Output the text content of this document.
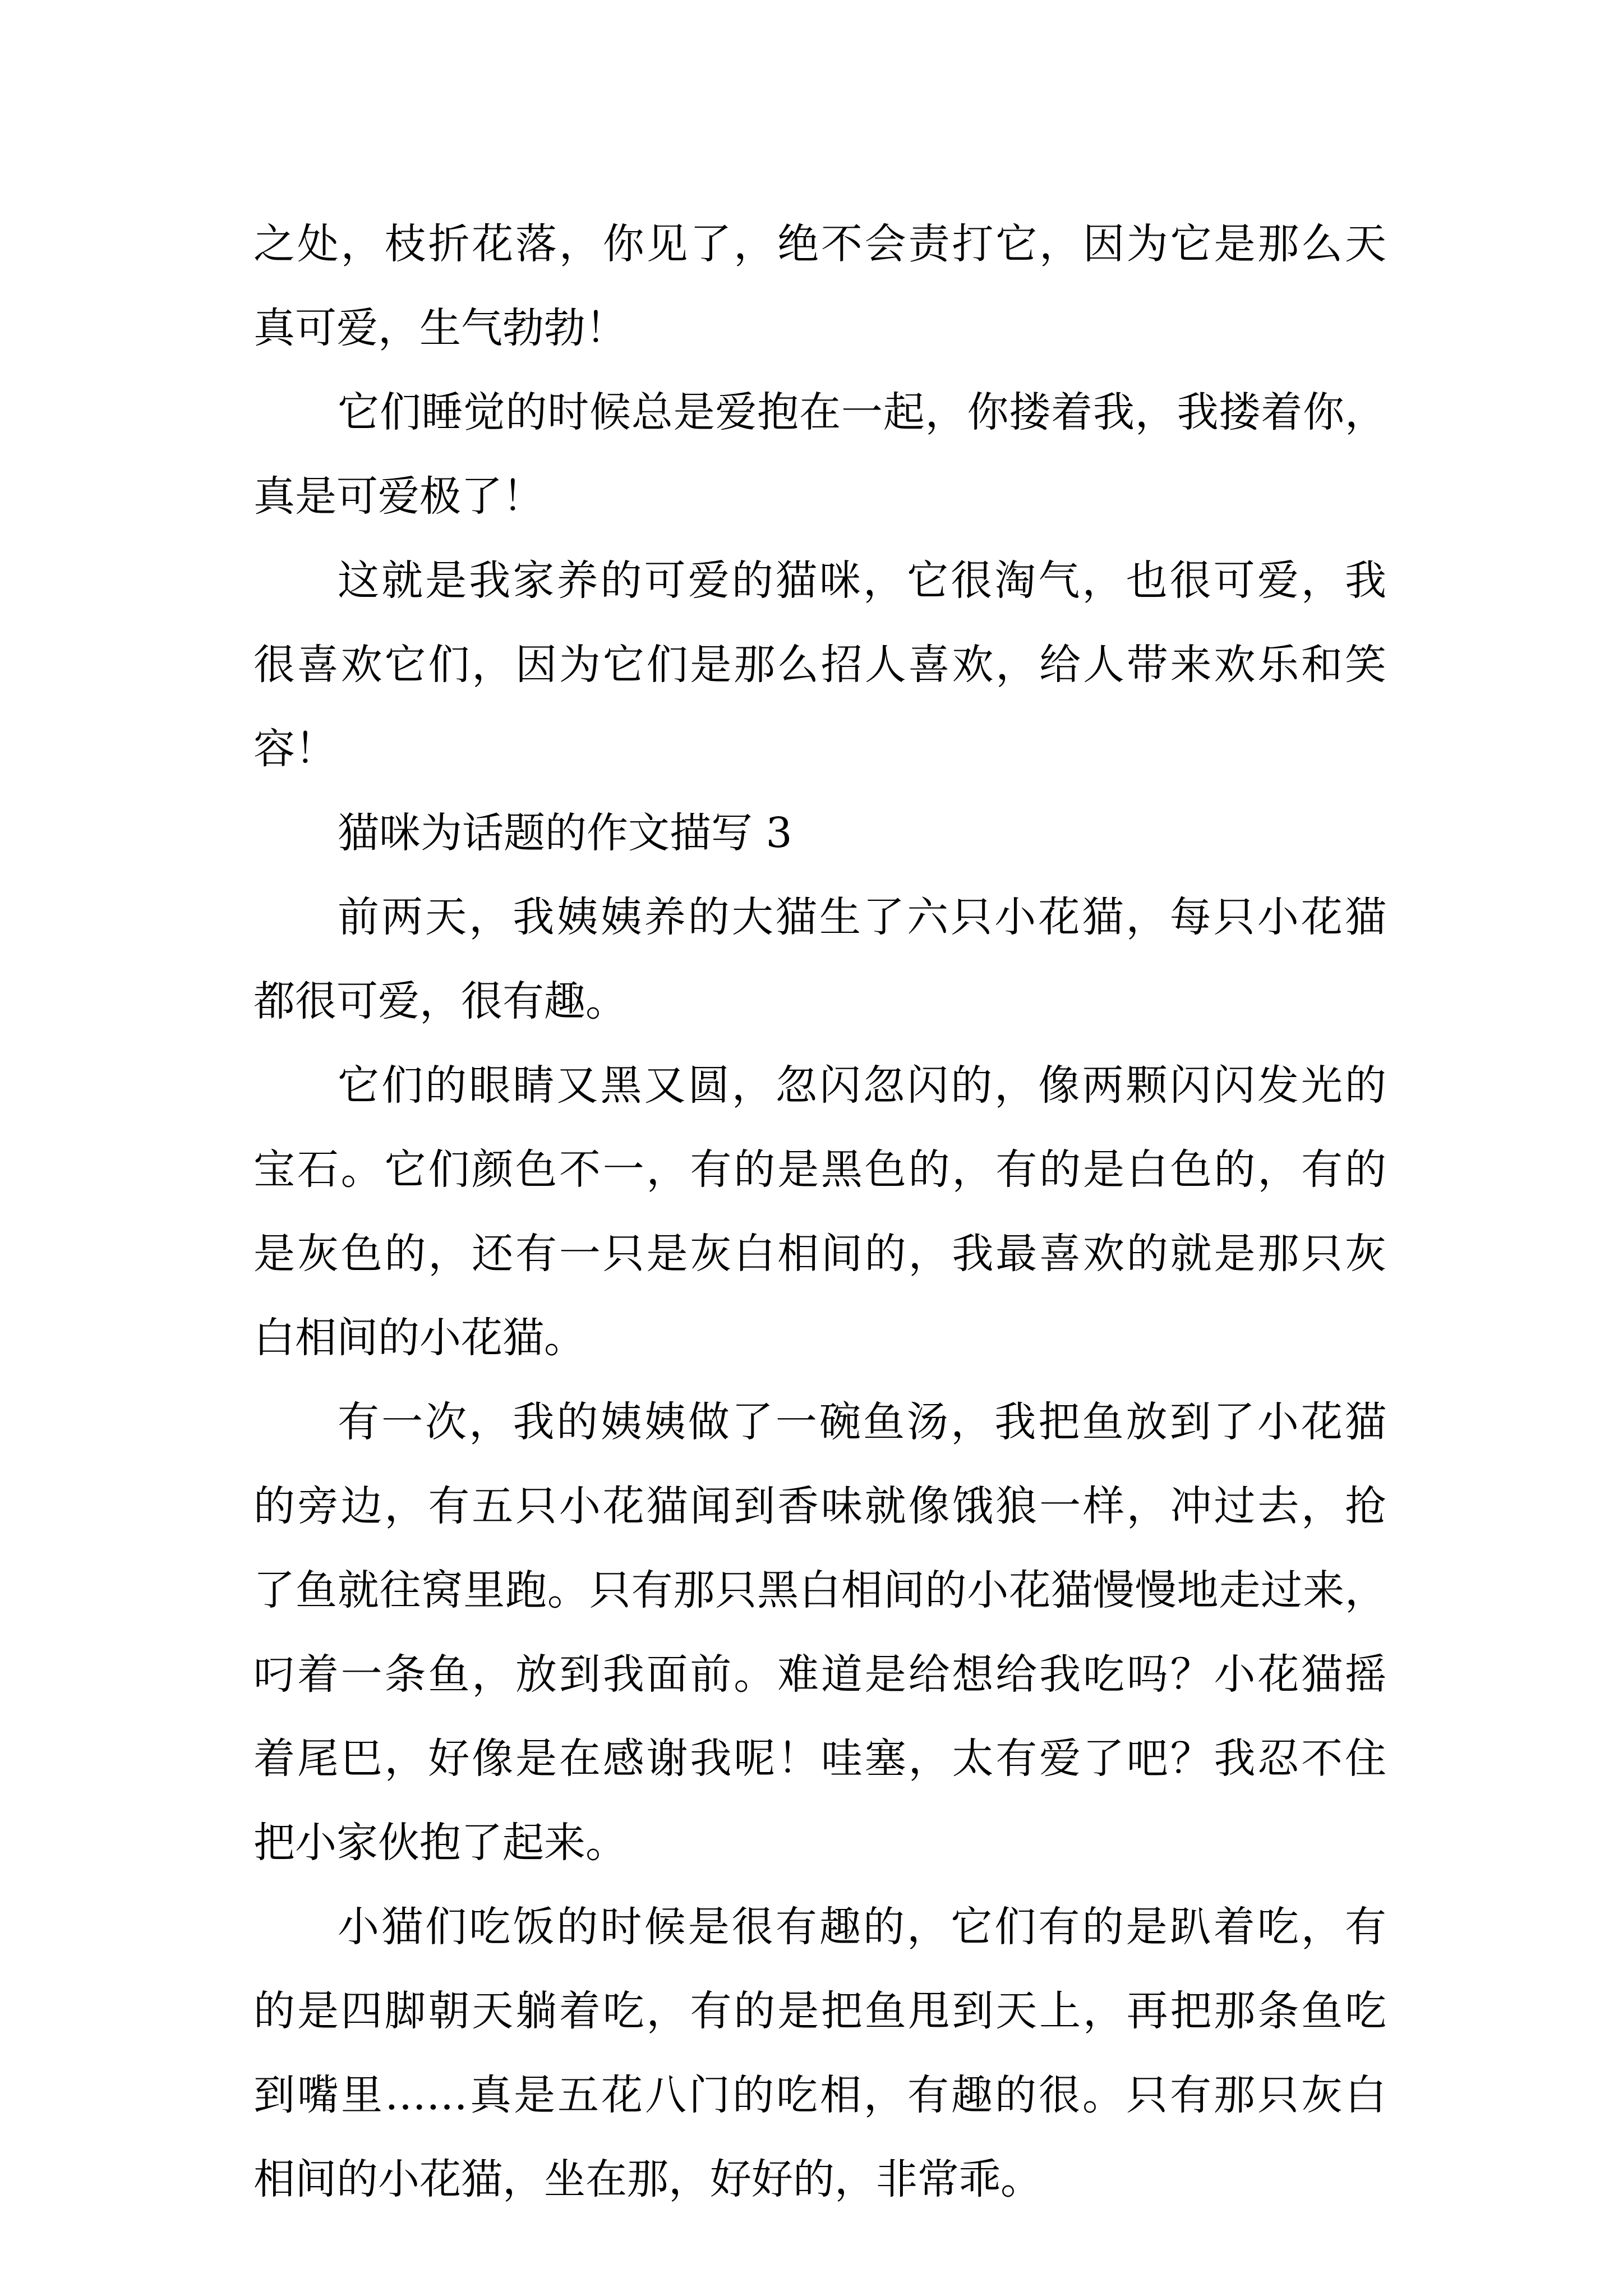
之处，枝折花落，你见了，绝不会责打它，因为它是那么天
真可爱，生气勃勃！
它们睡觉的时候总是爱抱在一起，你搂着我，我搂着你，
真是可爱极了！
这就是我家养的可爱的猫咪，它很淘气，也很可爱，我
很喜欢它们，因为它们是那么招人喜欢，给人带来欢乐和笑
容！
猫咪为话题的作文描写 3
前两天，我姨姨养的大猫生了六只小花猫，每只小花猫
都很可爱，很有趣。
它们的眼睛又黑又圆，忽闪忽闪的，像两颗闪闪发光的
宝石。它们颜色不一，有的是黑色的，有的是白色的，有的
是灰色的，还有一只是灰白相间的，我最喜欢的就是那只灰
白相间的小花猫。
有一次，我的姨姨做了一碗鱼汤，我把鱼放到了小花猫
的旁边，有五只小花猫闻到香味就像饿狼一样，冲过去，抢
了鱼就往窝里跑。只有那只黑白相间的小花猫慢慢地走过来，
叼着一条鱼，放到我面前。难道是给想给我吃吗？小花猫摇
着尾巴，好像是在感谢我呢！哇塞，太有爱了吧？我忍不住
把小家伙抱了起来。
小猫们吃饭的时候是很有趣的，它们有的是趴着吃，有
的是四脚朝天躺着吃，有的是把鱼甩到天上，再把那条鱼吃
到嘴里……真是五花八门的吃相，有趣的很。只有那只灰白
相间的小花猫，坐在那，好好的，非常乖。
